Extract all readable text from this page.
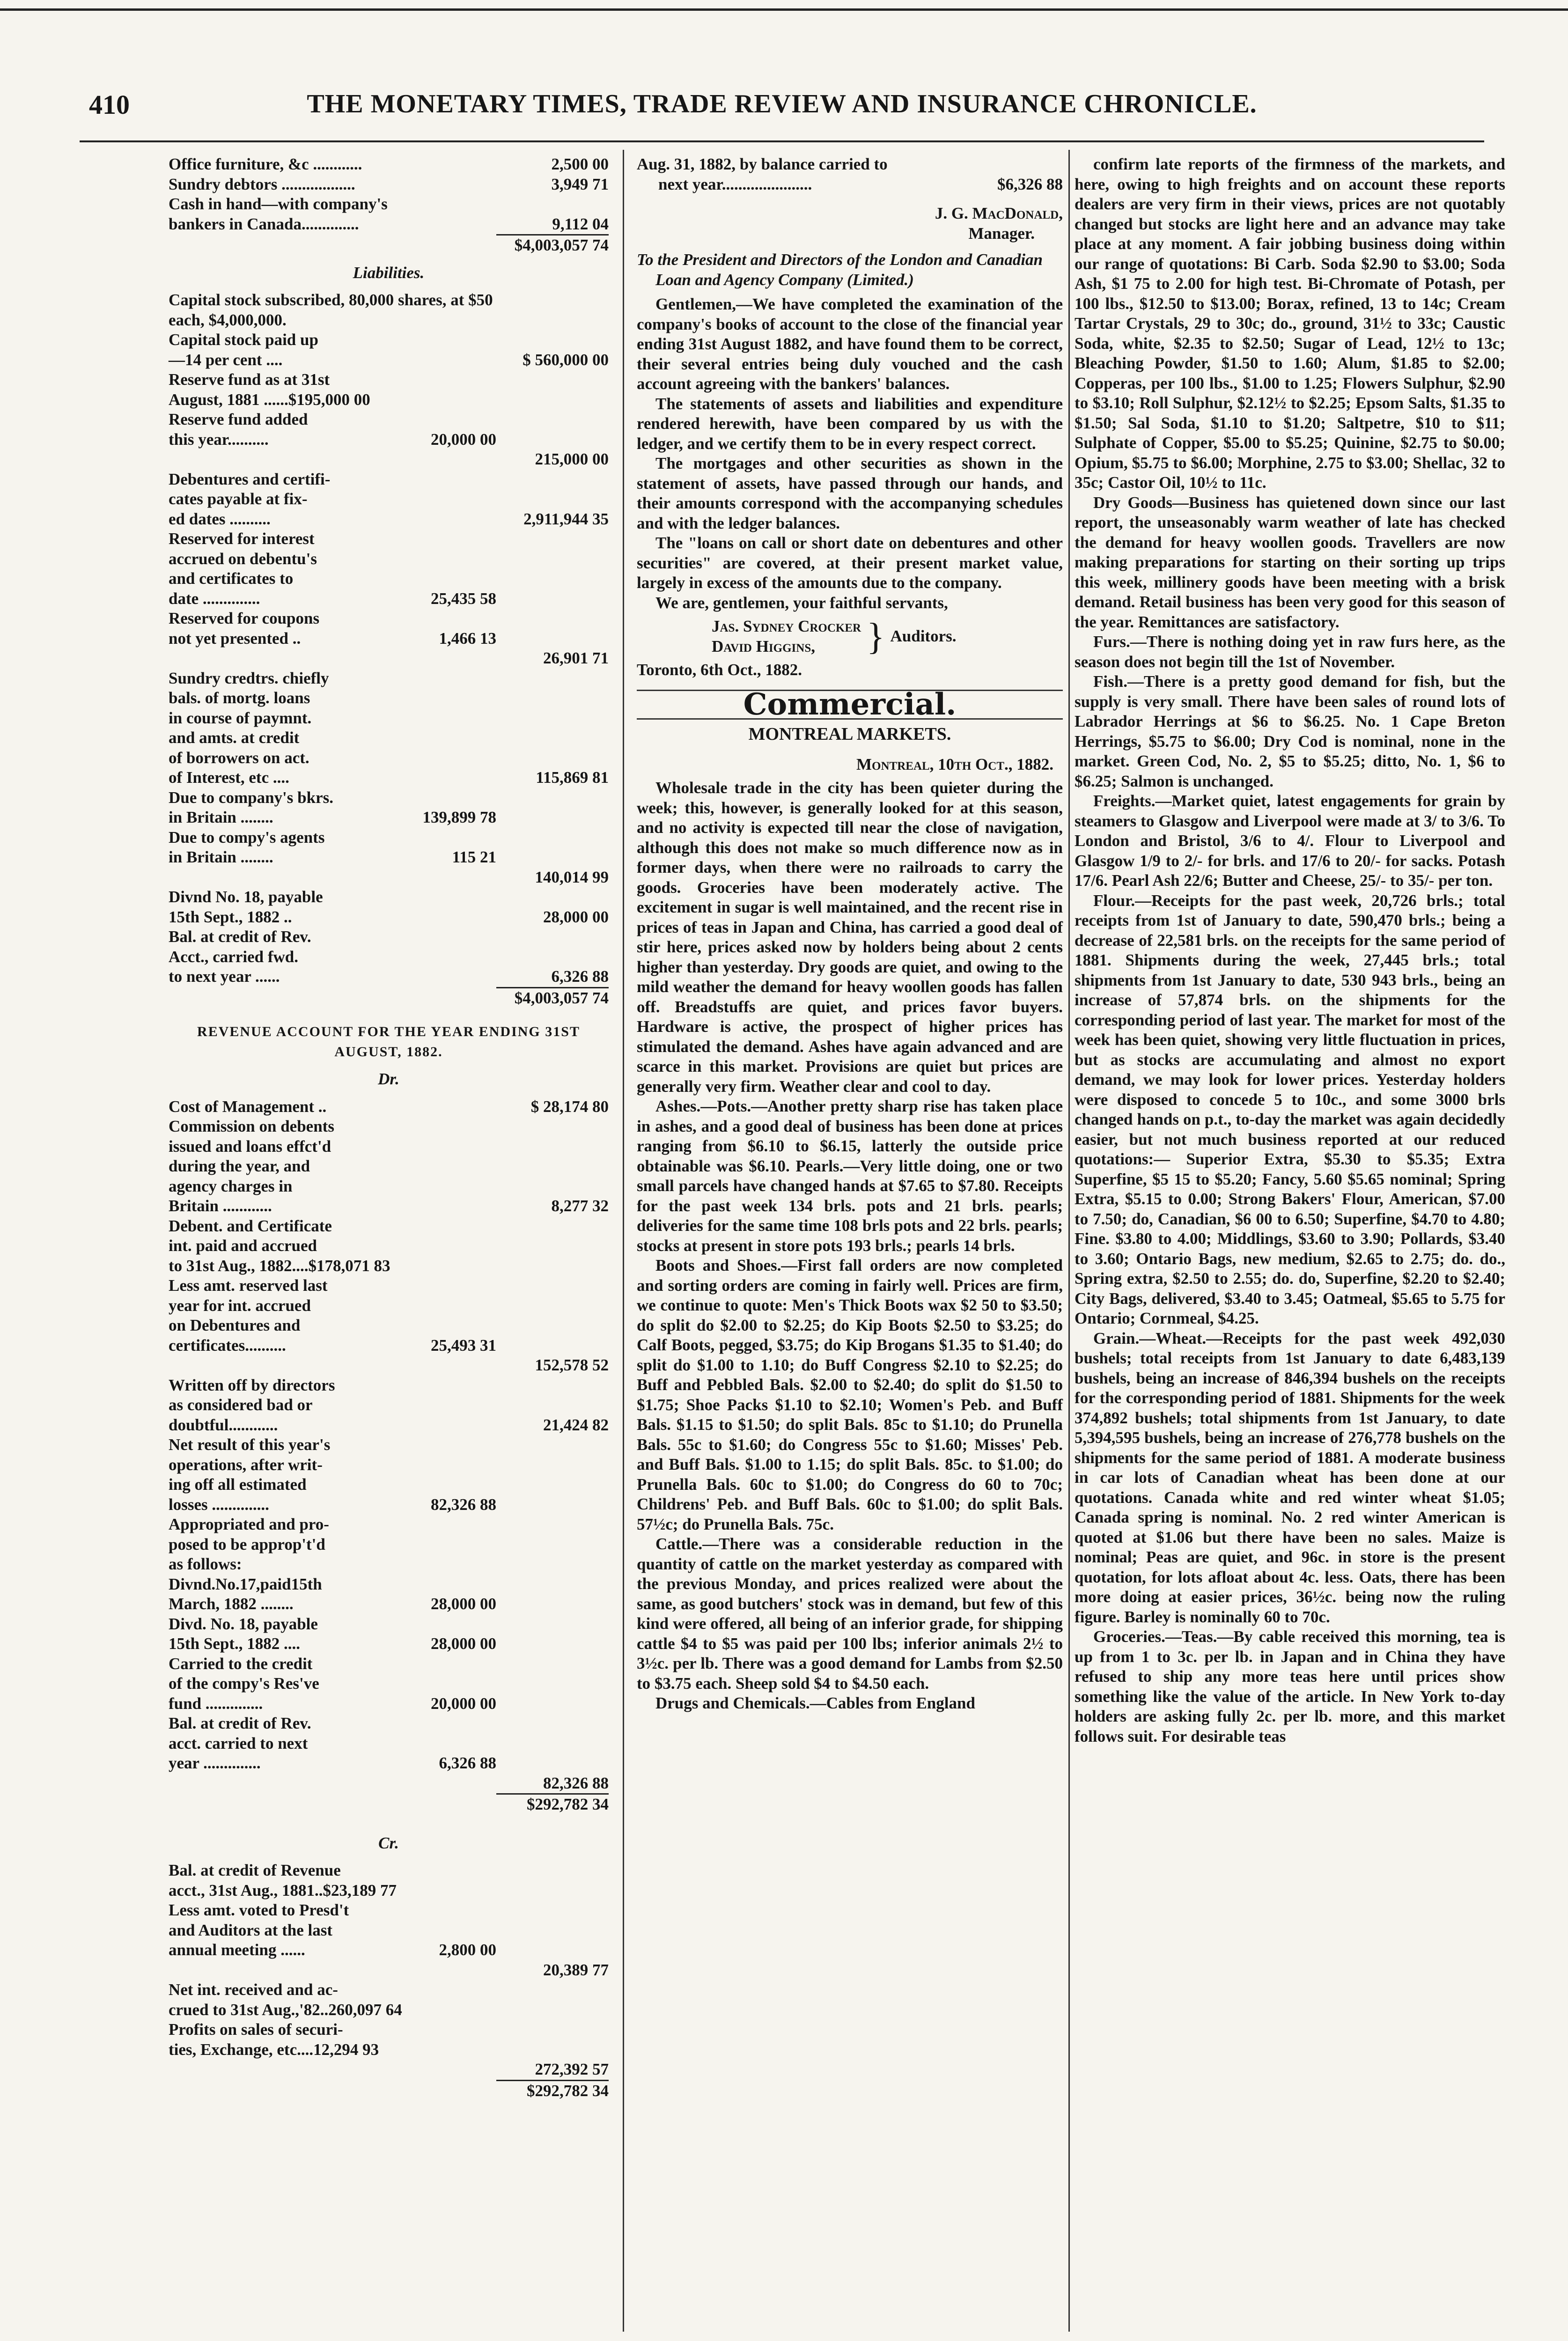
410	THE MONETARY TIMES, TRADE REVIEW AND INSURANCE CHRONICLE.
Office furniture, &c ............	2,500 00
Sundry debtors ..................	3,949 71
Cash in hand—with company's
bankers in Canada..............	9,112 04
$4,003,057 74
Liabilities.
Capital stock subscribed, 80,000 shares, at $50
each, $4,000,000.
Capital stock paid up
—14 per cent ....	$ 560,000 00
Reserve fund as at 31st
August, 1881 ......$195,000 00
Reserve fund added
this year..........	20,000 00
215,000 00
Debentures and certifi-
cates payable at fix-
ed dates ..........	2,911,944 35
Reserved for interest
accrued on debentu's
and certificates to
date ..............	25,435 58
Reserved for coupons
not yet presented ..	1,466 13
26,901 71
Sundry credtrs. chiefly
bals. of mortg. loans
in course of paymnt.
and amts. at credit
of borrowers on act.
of Interest, etc ....	115,869 81
Due to company's bkrs.
in Britain ........	139,899 78
Due to compy's agents
in Britain ........	115 21
140,014 99
Divnd No. 18, payable
15th Sept., 1882 ..	28,000 00
Bal. at credit of Rev.
Acct., carried fwd.
to next year ......	6,326 88
$4,003,057 74
REVENUE ACCOUNT FOR THE YEAR ENDING 31ST AUGUST, 1882.
Dr.
Cost of Management ..	$ 28,174 80
Commission on debents
issued and loans effct'd
during the year, and
agency charges in
Britain ............	8,277 32
Debent. and Certificate
int. paid and accrued
to 31st Aug., 1882....$178,071 83
Less amt. reserved last
year for int. accrued
on Debentures and
certificates..........	25,493 31
152,578 52
Written off by directors
as considered bad or
doubtful............	21,424 82
Net result of this year's
operations, after writ-
ing off all estimated
losses ..............	82,326 88
Appropriated and pro-
posed to be approp't'd
as follows:
Divnd.No.17,paid15th
March, 1882 ........	28,000 00
Divd. No. 18, payable
15th Sept., 1882 ....	28,000 00
Carried to the credit
of the compy's Res've
fund ..............	20,000 00
Bal. at credit of Rev.
acct. carried to next
year ..............	6,326 88
82,326 88
$292,782 34
Cr.
Bal. at credit of Revenue
acct., 31st Aug., 1881..$23,189 77
Less amt. voted to Presd't
and Auditors at the last
annual meeting ......	2,800 00
20,389 77
Net int. received and ac-
crued to 31st Aug.,'82..260,097 64
Profits on sales of securi-
ties, Exchange, etc....12,294 93
272,392 57
$292,782 34
Aug. 31, 1882, by balance carried to
next year......................	$6,326 88
J. G. MacDonald,
Manager.
To the President and Directors of the London and Canadian Loan and Agency Company (Limited.)

Gentlemen,—We have completed the examination of the company's books of account to the close of the financial year ending 31st August 1882, and have found them to be correct, their several entries being duly vouched and the cash account agreeing with the bankers' balances.

The statements of assets and liabilities and expenditure rendered herewith, have been compared by us with the ledger, and we certify them to be in every respect correct.

The mortgages and other securities as shown in the statement of assets, have passed through our hands, and their amounts correspond with the accompanying schedules and with the ledger balances.

The "loans on call or short date on debentures and other securities" are covered, at their present market value, largely in excess of the amounts due to the company.

We are, gentlemen, your faithful servants,

Jas. Sydney Crocker
David Higgins,	} Auditors.
Toronto, 6th Oct., 1882.
Commercial.
MONTREAL MARKETS.
Montreal, 10th Oct., 1882.

Wholesale trade in the city has been quieter during the week; this, however, is generally looked for at this season, and no activity is expected till near the close of navigation, although this does not make so much difference now as in former days, when there were no railroads to carry the goods. Groceries have been moderately active. The excitement in sugar is well maintained, and the recent rise in prices of teas in Japan and China, has carried a good deal of stir here, prices asked now by holders being about 2 cents higher than yesterday. Dry goods are quiet, and owing to the mild weather the demand for heavy woollen goods has fallen off. Breadstuffs are quiet, and prices favor buyers. Hardware is active, the prospect of higher prices has stimulated the demand. Ashes have again advanced and are scarce in this market. Provisions are quiet but prices are generally very firm. Weather clear and cool to day.

Ashes.—Pots.—Another pretty sharp rise has taken place in ashes, and a good deal of business has been done at prices ranging from $6.10 to $6.15, latterly the outside price obtainable was $6.10. Pearls.—Very little doing, one or two small parcels have changed hands at $7.65 to $7.80. Receipts for the past week 134 brls. pots and 21 brls. pearls; deliveries for the same time 108 brls pots and 22 brls. pearls; stocks at present in store pots 193 brls.; pearls 14 brls.

Boots and Shoes.—First fall orders are now completed and sorting orders are coming in fairly well. Prices are firm, we continue to quote: Men's Thick Boots wax $2 50 to $3.50; do split do $2.00 to $2.25; do Kip Boots $2.50 to $3.25; do Calf Boots, pegged, $3.75; do Kip Brogans $1.35 to $1.40; do split do $1.00 to 1.10; do Buff Congress $2.10 to $2.25; do Buff and Pebbled Bals. $2.00 to $2.40; do split do $1.50 to $1.75; Shoe Packs $1.10 to $2.10; Women's Peb. and Buff Bals. $1.15 to $1.50; do split Bals. 85c to $1.10; do Prunella Bals. 55c to $1.60; do Congress 55c to $1.60; Misses' Peb. and Buff Bals. $1.00 to 1.15; do split Bals. 85c. to $1.00; do Prunella Bals. 60c to $1.00; do Congress do 60 to 70c; Childrens' Peb. and Buff Bals. 60c to $1.00; do split Bals. 57½c; do Prunella Bals. 75c.

Cattle.—There was a considerable reduction in the quantity of cattle on the market yesterday as compared with the previous Monday, and prices realized were about the same, as good butchers' stock was in demand, but few of this kind were offered, all being of an inferior grade, for shipping cattle $4 to $5 was paid per 100 lbs; inferior animals 2½ to 3½c. per lb. There was a good demand for Lambs from $2.50 to $3.75 each. Sheep sold $4 to $4.50 each.

Drugs and Chemicals.—Cables from England

confirm late reports of the firmness of the markets, and here, owing to high freights and on account these reports dealers are very firm in their views, prices are not quotably changed but stocks are light here and an advance may take place at any moment. A fair jobbing business doing within our range of quotations: Bi Carb. Soda $2.90 to $3.00; Soda Ash, $1 75 to 2.00 for high test. Bi-Chromate of Potash, per 100 lbs., $12.50 to $13.00; Borax, refined, 13 to 14c; Cream Tartar Crystals, 29 to 30c; do., ground, 31½ to 33c; Caustic Soda, white, $2.35 to $2.50; Sugar of Lead, 12½ to 13c; Bleaching Powder, $1.50 to 1.60; Alum, $1.85 to $2.00; Copperas, per 100 lbs., $1.00 to 1.25; Flowers Sulphur, $2.90 to $3.10; Roll Sulphur, $2.12½ to $2.25; Epsom Salts, $1.35 to $1.50; Sal Soda, $1.10 to $1.20; Saltpetre, $10 to $11; Sulphate of Copper, $5.00 to $5.25; Quinine, $2.75 to $0.00; Opium, $5.75 to $6.00; Morphine, 2.75 to $3.00; Shellac, 32 to 35c; Castor Oil, 10½ to 11c.

Dry Goods—Business has quietened down since our last report, the unseasonably warm weather of late has checked the demand for heavy woollen goods. Travellers are now making preparations for starting on their sorting up trips this week, millinery goods have been meeting with a brisk demand. Retail business has been very good for this season of the year. Remittances are satisfactory.

Furs.—There is nothing doing yet in raw furs here, as the season does not begin till the 1st of November.

Fish.—There is a pretty good demand for fish, but the supply is very small. There have been sales of round lots of Labrador Herrings at $6 to $6.25. No. 1 Cape Breton Herrings, $5.75 to $6.00; Dry Cod is nominal, none in the market. Green Cod, No. 2, $5 to $5.25; ditto, No. 1, $6 to $6.25; Salmon is unchanged.

Freights.—Market quiet, latest engagements for grain by steamers to Glasgow and Liverpool were made at 3/ to 3/6. To London and Bristol, 3/6 to 4/. Flour to Liverpool and Glasgow 1/9 to 2/- for brls. and 17/6 to 20/- for sacks. Potash 17/6. Pearl Ash 22/6; Butter and Cheese, 25/- to 35/- per ton.

Flour.—Receipts for the past week, 20,726 brls.; total receipts from 1st of January to date, 590,470 brls.; being a decrease of 22,581 brls. on the receipts for the same period of 1881. Shipments during the week, 27,445 brls.; total shipments from 1st January to date, 530 943 brls., being an increase of 57,874 brls. on the shipments for the corresponding period of last year. The market for most of the week has been quiet, showing very little fluctuation in prices, but as stocks are accumulating and almost no export demand, we may look for lower prices. Yesterday holders were disposed to concede 5 to 10c., and some 3000 brls changed hands on p.t., to-day the market was again decidedly easier, but not much business reported at our reduced quotations:— Superior Extra, $5.30 to $5.35; Extra Superfine, $5 15 to $5.20; Fancy, 5.60 $5.65 nominal; Spring Extra, $5.15 to 0.00; Strong Bakers' Flour, American, $7.00 to 7.50; do, Canadian, $6 00 to 6.50; Superfine, $4.70 to 4.80; Fine. $3.80 to 4.00; Middlings, $3.60 to 3.90; Pollards, $3.40 to 3.60; Ontario Bags, new medium, $2.65 to 2.75; do. do., Spring extra, $2.50 to 2.55; do. do, Superfine, $2.20 to $2.40; City Bags, delivered, $3.40 to 3.45; Oatmeal, $5.65 to 5.75 for Ontario; Cornmeal, $4.25.

Grain.—Wheat.—Receipts for the past week 492,030 bushels; total receipts from 1st January to date 6,483,139 bushels, being an increase of 846,394 bushels on the receipts for the corresponding period of 1881. Shipments for the week 374,892 bushels; total shipments from 1st January, to date 5,394,595 bushels, being an increase of 276,778 bushels on the shipments for the same period of 1881. A moderate business in car lots of Canadian wheat has been done at our quotations. Canada white and red winter wheat $1.05; Canada spring is nominal. No. 2 red winter American is quoted at $1.06 but there have been no sales. Maize is nominal; Peas are quiet, and 96c. in store is the present quotation, for lots afloat about 4c. less. Oats, there has been more doing at easier prices, 36½c. being now the ruling figure. Barley is nominally 60 to 70c.

Groceries.—Teas.—By cable received this morning, tea is up from 1 to 3c. per lb. in Japan and in China they have refused to ship any more teas here until prices show something like the value of the article. In New York to-day holders are asking fully 2c. per lb. more, and this market follows suit. For desirable teas
